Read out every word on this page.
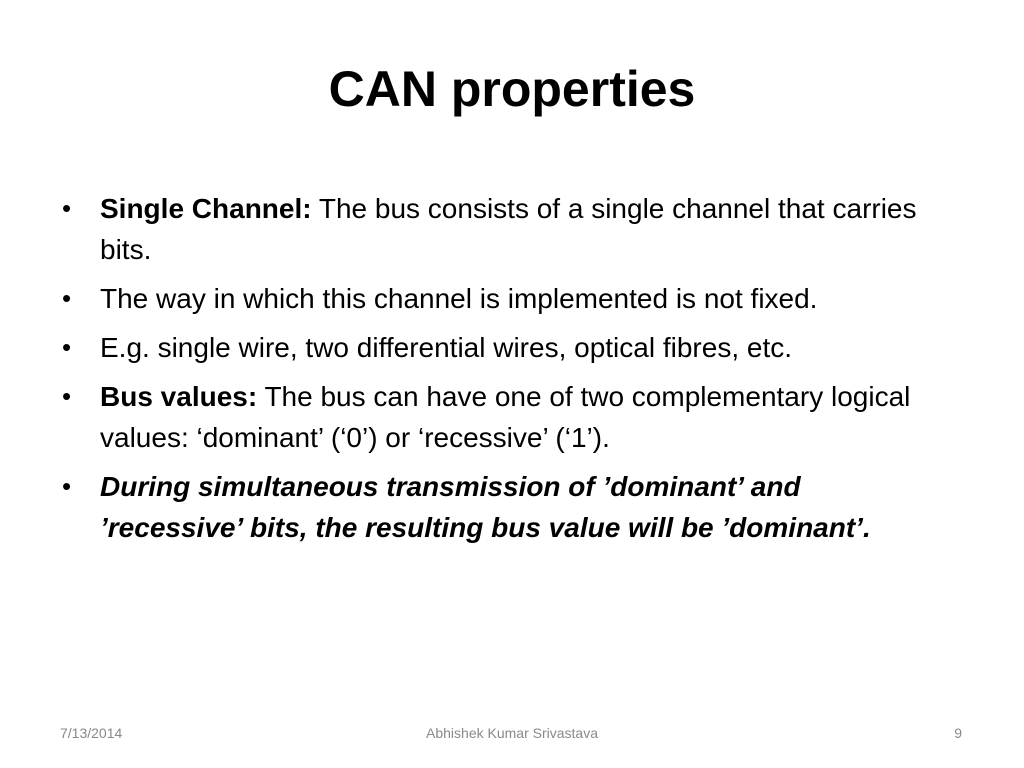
CAN properties
•	Single Channel: The bus consists of a single channel that carries bits.
•	The way in which this channel is implemented is not fixed.
•	E.g. single wire, two differential wires, optical fibres, etc.
•	Bus values: The bus can have one of two complementary logical values: ‘dominant’ (‘0’) or ‘recessive’ (‘1’).
•	During simultaneous transmission of ’dominant’ and ’recessive’ bits, the resulting bus value will be ’dominant’.
7/13/2014	Abhishek Kumar Srivastava	9
